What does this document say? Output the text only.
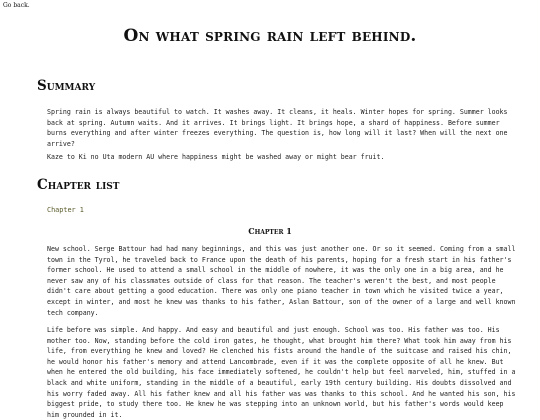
Go back.
On what spring rain left behind.
Summary

Spring rain is always beautiful to watch. It washes away. It cleans, it heals. Winter hopes for spring. Summer looks back at spring. Autumn waits. And it arrives. It brings light. It brings hope, a shard of happiness. Before summer burns everything and after winter freezes everything. The question is, how long will it last? When will the next one arrive?

Kaze to Ki no Uta modern AU where happiness might be washed away or might bear fruit.

Chapter list
Chapter 1
Chapter 1

New school. Serge Battour had had many beginnings, and this was just another one. Or so it seemed. Coming from a small town in the Tyrol, he traveled back to France upon the death of his parents, hoping for a fresh start in his father's former school. He used to attend a small school in the middle of nowhere, it was the only one in a big area, and he never saw any of his classmates outside of class for that reason. The teacher's weren't the best, and most people didn't care about getting a good education. There was only one piano teacher in town which he visited twice a year, except in winter, and most he knew was thanks to his father, Aslan Battour, son of the owner of a large and well known tech company.

Life before was simple. And happy. And easy and beautiful and just enough. School was too. His father was too. His mother too. Now, standing before the cold iron gates, he thought, what brought him there? What took him away from his life, from everything he knew and loved? He clenched his fists around the handle of the suitcase and raised his chin, he would honor his father's memory and attend Lancombrade, even if it was the complete opposite of all he knew. But when he entered the old building, his face immediately softened, he couldn't help but feel marveled, him, stuffed in a black and white uniform, standing in the middle of a beautiful, early 19th century building. His doubts dissolved and his worry faded away. All his father knew and all his father was was thanks to this school. And he wanted his son, his biggest pride, to study there too. He knew he was stepping into an unknown world, but his father's words would keep him grounded in it.
